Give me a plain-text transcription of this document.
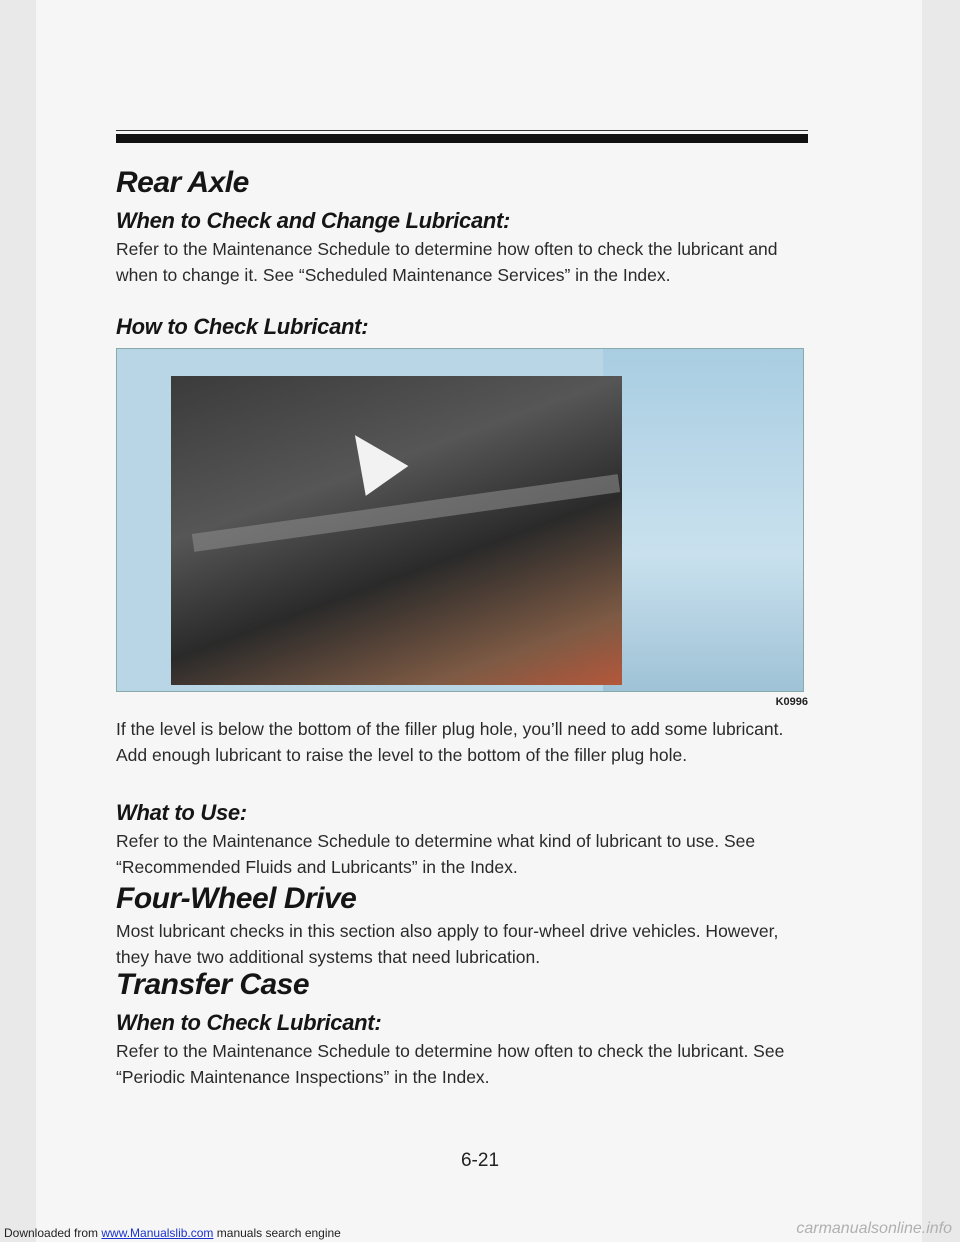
Rear Axle
When to Check and Change Lubricant:

Refer to the Maintenance Schedule to determine how often to check the lubricant and when to change it. See “Scheduled Maintenance Services” in the Index.

How to Check Lubricant:
K0996

If the level is below the bottom of the filler plug hole, you’ll need to add some lubricant. Add enough lubricant to raise the level to the bottom of the filler plug hole.

What to Use:

Refer to the Maintenance Schedule to determine what kind of lubricant to use. See “Recommended Fluids and Lubricants” in the Index.

Four-Wheel Drive

Most lubricant checks in this section also apply to four-wheel drive vehicles. However, they have two additional systems that need lubrication.

Transfer Case
When to Check Lubricant:

Refer to the Maintenance Schedule to determine how often to check the lubricant. See “Periodic Maintenance Inspections” in the Index.

6-21
Downloaded from www.Manualslib.com manuals search engine	carmanualsonline.info
